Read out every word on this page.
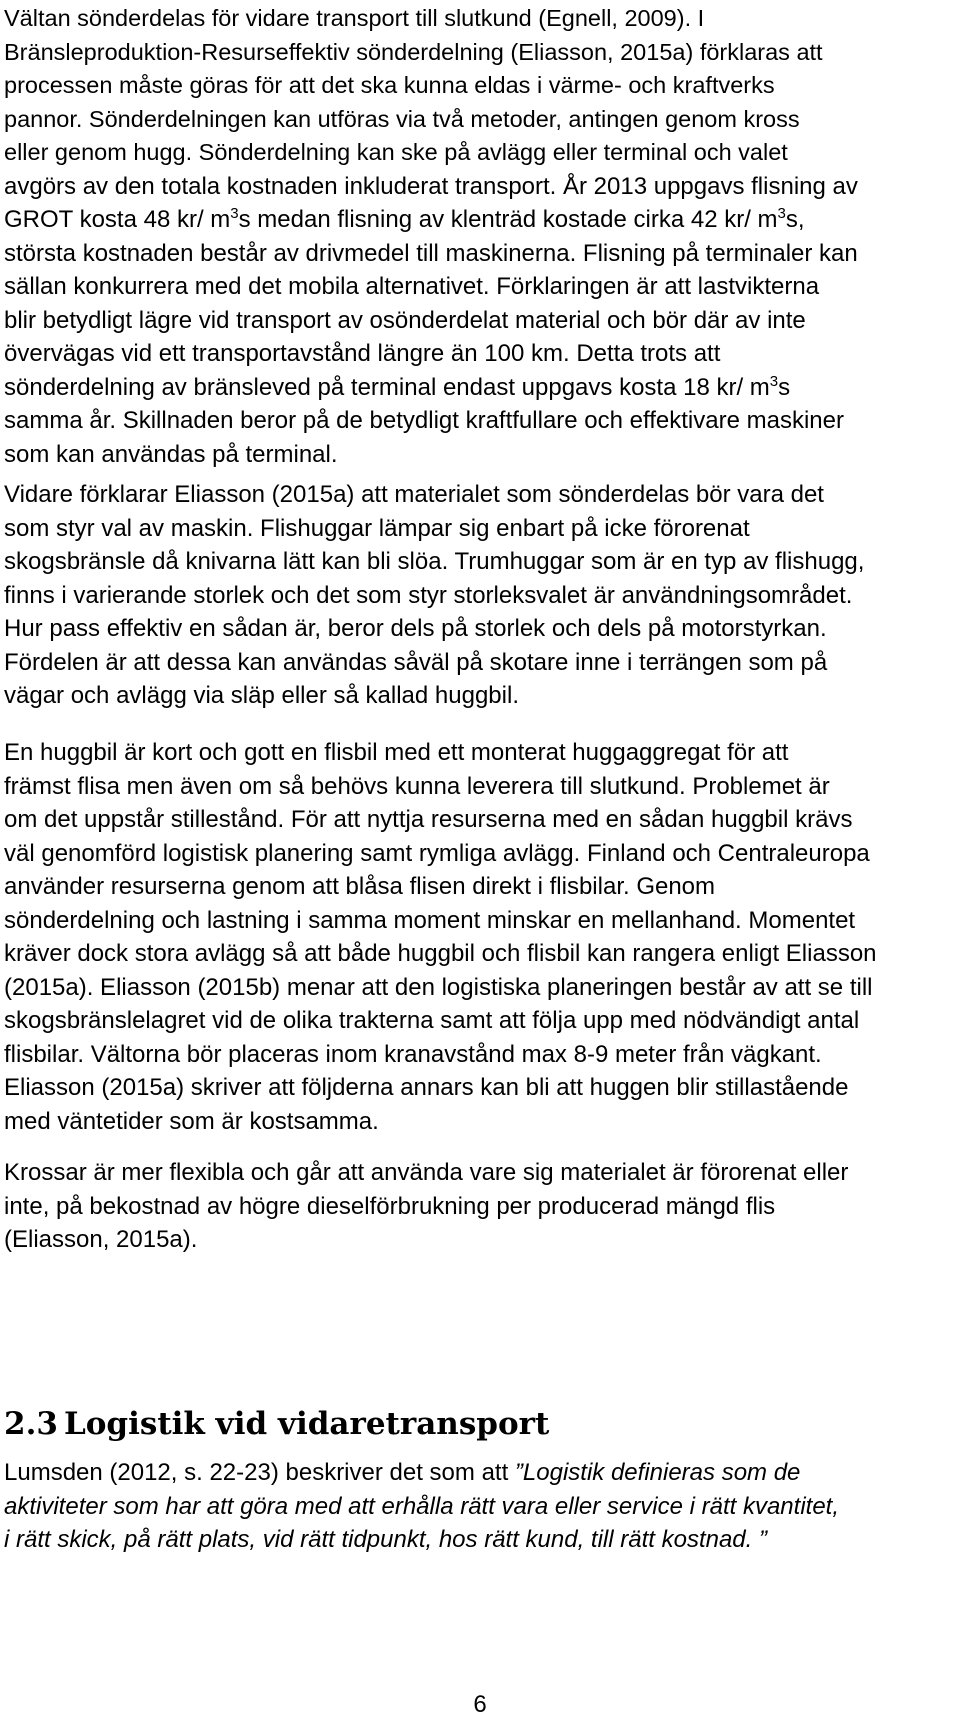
Vältan sönderdelas för vidare transport till slutkund (Egnell, 2009). I
Bränsleproduktion-Resurseffektiv sönderdelning (Eliasson, 2015a) förklaras att
processen måste göras för att det ska kunna eldas i värme- och kraftverks
pannor. Sönderdelningen kan utföras via två metoder, antingen genom kross
eller genom hugg. Sönderdelning kan ske på avlägg eller terminal och valet
avgörs av den totala kostnaden inkluderat transport. År 2013 uppgavs flisning av
GROT kosta 48 kr/ $m^3s$ medan flisning av klenträd kostade cirka 42 kr/ $m^3s$,
största kostnaden består av drivmedel till maskinerna. Flisning på terminaler kan
sällan konkurrera med det mobila alternativet. Förklaringen är att lastvikterna
blir betydligt lägre vid transport av osönderdelat material och bör där av inte
övervägas vid ett transportavstånd längre än 100 km. Detta trots att
sönderdelning av bränsleved på terminal endast uppgavs kosta 18 kr/ $m^3s$
samma år. Skillnaden beror på de betydligt kraftfullare och effektivare maskiner
som kan användas på terminal.
Vidare förklarar Eliasson (2015a) att materialet som sönderdelas bör vara det
som styr val av maskin. Flishuggar lämpar sig enbart på icke förorenat
skogsbränsle då knivarna lätt kan bli slöa. Trumhuggar som är en typ av flishugg,
finns i varierande storlek och det som styr storleksvalet är användningsområdet.
Hur pass effektiv en sådan är, beror dels på storlek och dels på motorstyrkan.
Fördelen är att dessa kan användas såväl på skotare inne i terrängen som på
vägar och avlägg via släp eller så kallad huggbil.
En huggbil är kort och gott en flisbil med ett monterat huggaggregat för att
främst flisa men även om så behövs kunna leverera till slutkund. Problemet är
om det uppstår stillestånd. För att nyttja resurserna med en sådan huggbil krävs
väl genomförd logistisk planering samt rymliga avlägg. Finland och Centraleuropa
använder resurserna genom att blåsa flisen direkt i flisbilar. Genom
sönderdelning och lastning i samma moment minskar en mellanhand. Momentet
kräver dock stora avlägg så att både huggbil och flisbil kan rangera enligt Eliasson
(2015a). Eliasson (2015b) menar att den logistiska planeringen består av att se till
skogsbränslelagret vid de olika trakterna samt att följa upp med nödvändigt antal
flisbilar. Vältorna bör placeras inom kranavstånd max 8-9 meter från vägkant.
Eliasson (2015a) skriver att följderna annars kan bli att huggen blir stillastående
med väntetider som är kostsamma.
Krossar är mer flexibla och går att använda vare sig materialet är förorenat eller
inte, på bekostnad av högre dieselförbrukning per producerad mängd flis
(Eliasson, 2015a).
2.3 Logistik vid vidaretransport
Lumsden (2012, s. 22-23) beskriver det som att ”Logistik definieras som de
aktiviteter som har att göra med att erhålla rätt vara eller service i rätt kvantitet,
i rätt skick, på rätt plats, vid rätt tidpunkt, hos rätt kund, till rätt kostnad. ”
6
